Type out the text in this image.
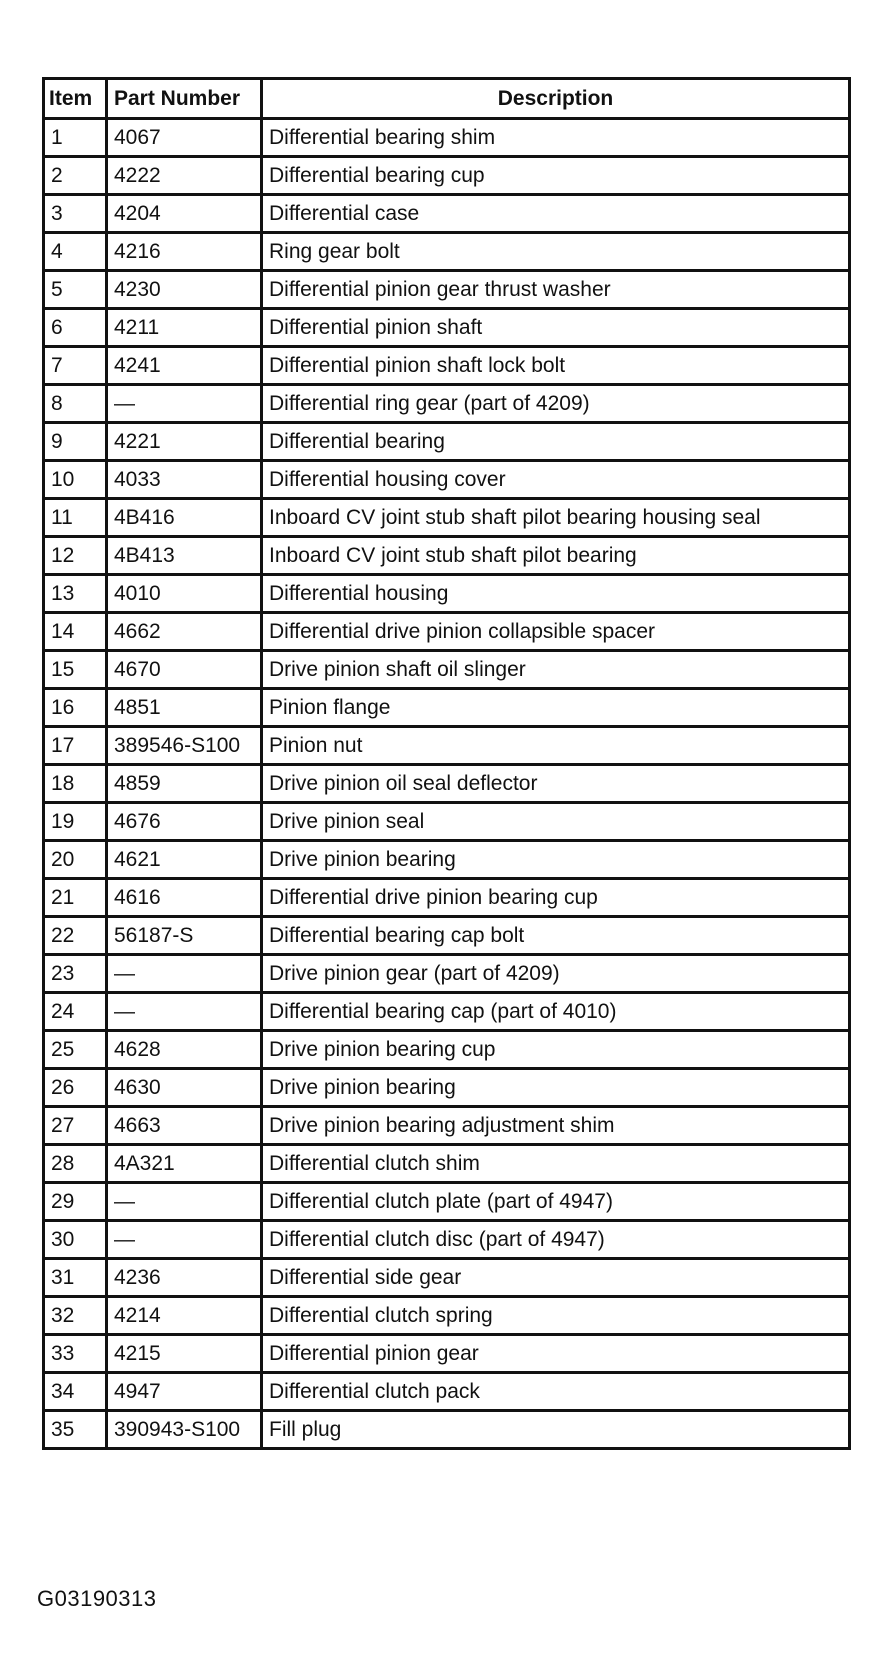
Item	Part Number	Description
1	4067	Differential bearing shim
2	4222	Differential bearing cup
3	4204	Differential case
4	4216	Ring gear bolt
5	4230	Differential pinion gear thrust washer
6	4211	Differential pinion shaft
7	4241	Differential pinion shaft lock bolt
8	—	Differential ring gear (part of 4209)
9	4221	Differential bearing
10	4033	Differential housing cover
11	4B416	Inboard CV joint stub shaft pilot bearing housing seal
12	4B413	Inboard CV joint stub shaft pilot bearing
13	4010	Differential housing
14	4662	Differential drive pinion collapsible spacer
15	4670	Drive pinion shaft oil slinger
16	4851	Pinion flange
17	389546-S100	Pinion nut
18	4859	Drive pinion oil seal deflector
19	4676	Drive pinion seal
20	4621	Drive pinion bearing
21	4616	Differential drive pinion bearing cup
22	56187-S	Differential bearing cap bolt
23	—	Drive pinion gear (part of 4209)
24	—	Differential bearing cap (part of 4010)
25	4628	Drive pinion bearing cup
26	4630	Drive pinion bearing
27	4663	Drive pinion bearing adjustment shim
28	4A321	Differential clutch shim
29	—	Differential clutch plate (part of 4947)
30	—	Differential clutch disc (part of 4947)
31	4236	Differential side gear
32	4214	Differential clutch spring
33	4215	Differential pinion gear
34	4947	Differential clutch pack
35	390943-S100	Fill plug
G03190313
